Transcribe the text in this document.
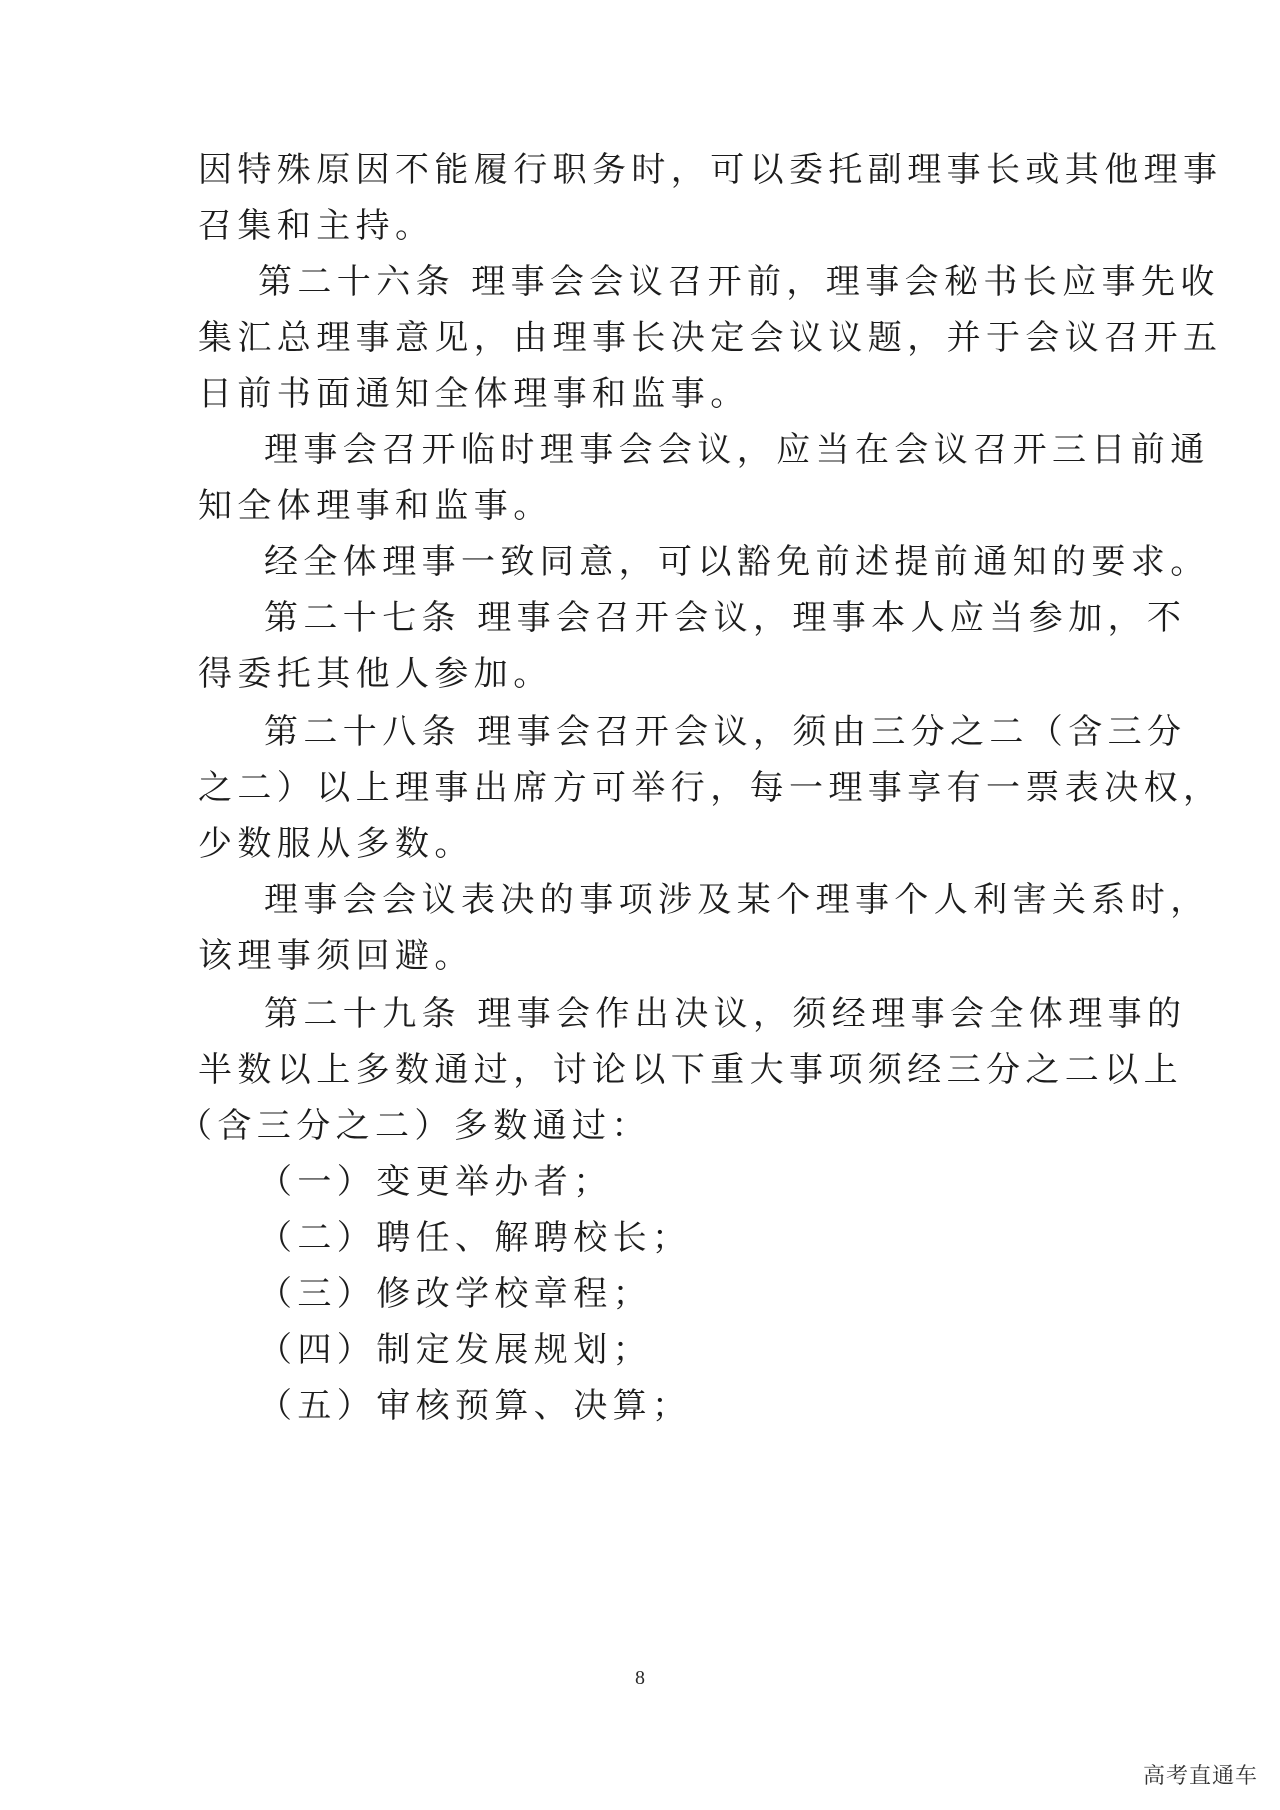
因特殊原因不能履行职务时，可以委托副理事长或其他理事
召集和主持。
第二十六条 理事会会议召开前，理事会秘书长应事先收
集汇总理事意见，由理事长决定会议议题，并于会议召开五
日前书面通知全体理事和监事。
理事会召开临时理事会会议，应当在会议召开三日前通
知全体理事和监事。
经全体理事一致同意，可以豁免前述提前通知的要求。
第二十七条 理事会召开会议，理事本人应当参加，不
得委托其他人参加。
第二十八条 理事会召开会议，须由三分之二（含三分
之二）以上理事出席方可举行，每一理事享有一票表决权，
少数服从多数。
理事会会议表决的事项涉及某个理事个人利害关系时，
该理事须回避。
第二十九条 理事会作出决议，须经理事会全体理事的
半数以上多数通过，讨论以下重大事项须经三分之二以上
（含三分之二）多数通过：
（一）变更举办者；
（二）聘任、解聘校长；
（三）修改学校章程；
（四）制定发展规划；
（五）审核预算、决算；
8
高考直通车
